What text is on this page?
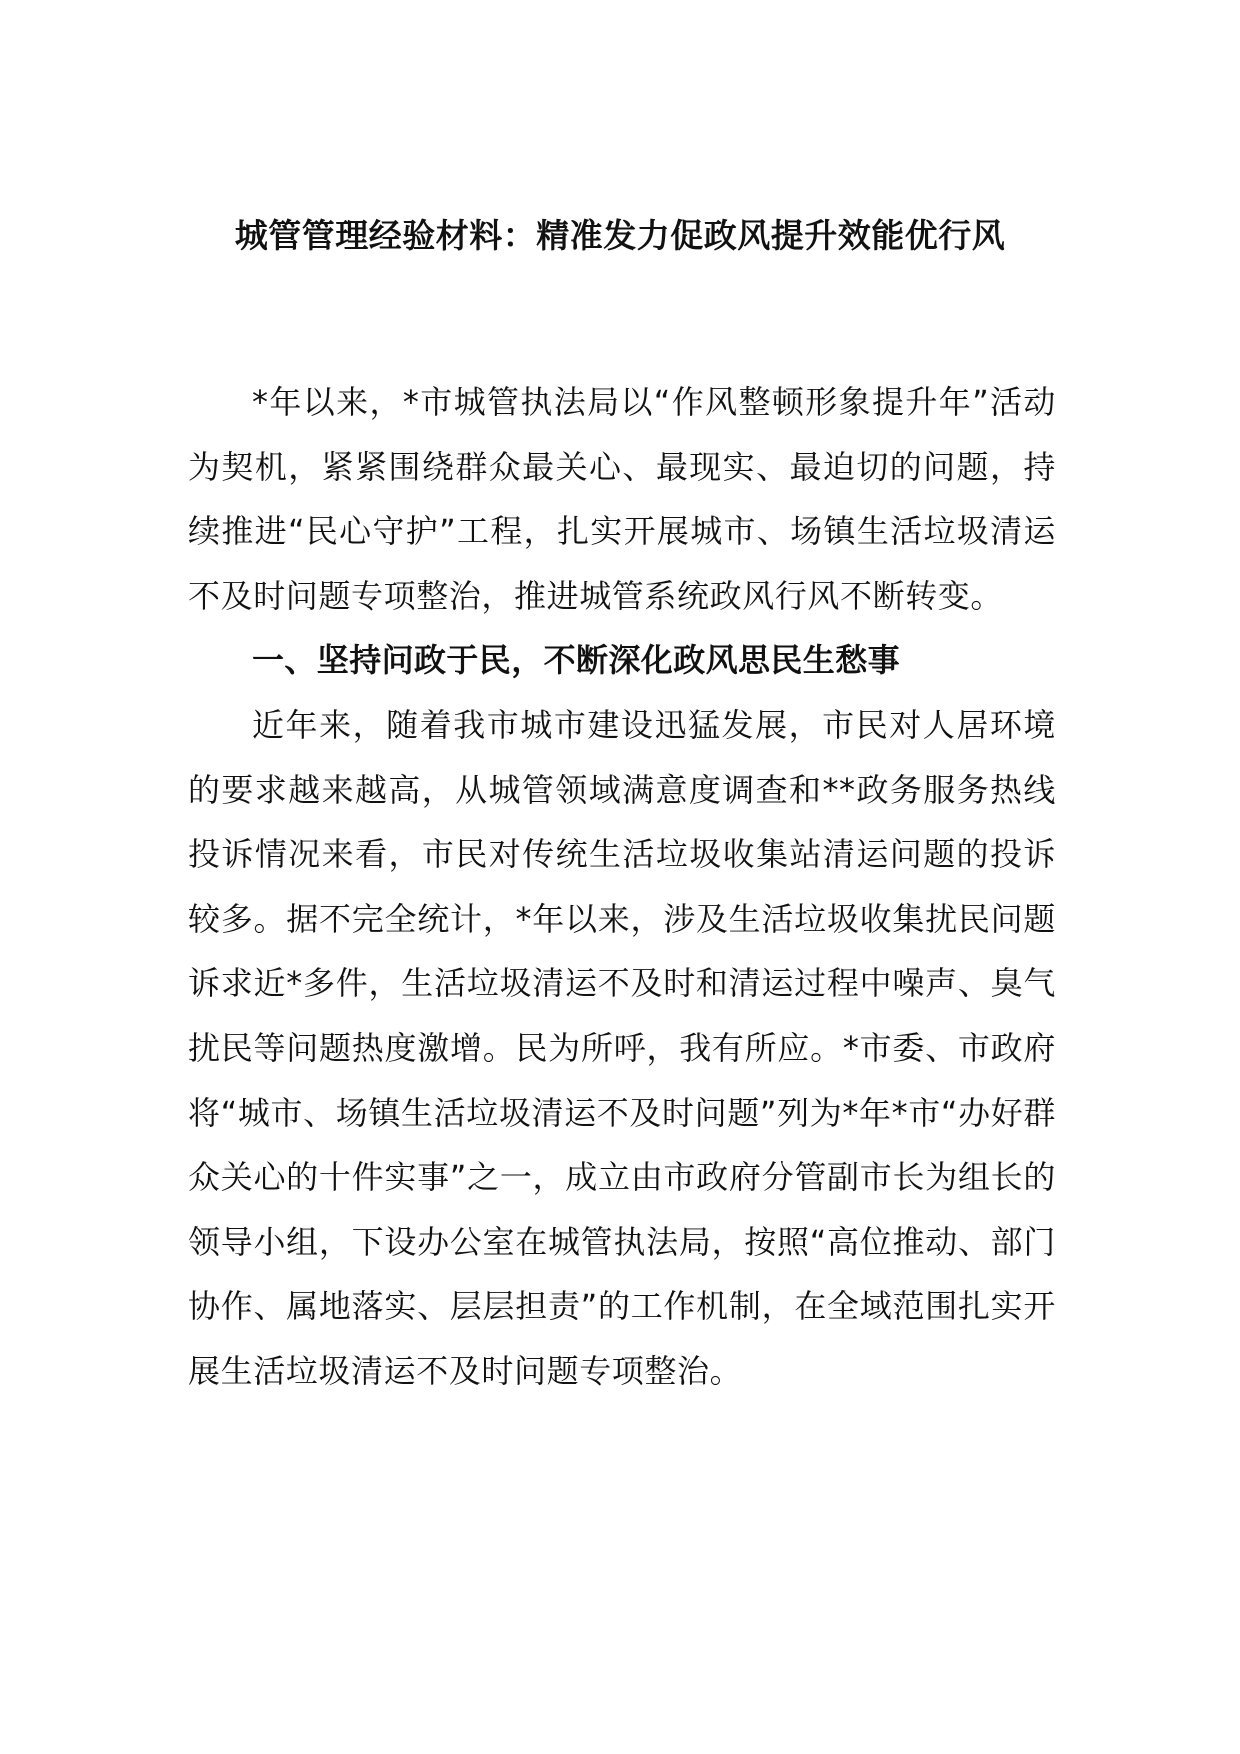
城管管理经验材料：精准发力促政风提升效能优行风

*年以来，*市城管执法局以“作风整顿形象提升年”活动为契机，紧紧围绕群众最关心、最现实、最迫切的问题，持续推进“民心守护”工程，扎实开展城市、场镇生活垃圾清运不及时问题专项整治，推进城管系统政风行风不断转变。

一、坚持问政于民，不断深化政风思民生愁事

近年来，随着我市城市建设迅猛发展，市民对人居环境的要求越来越高，从城管领域满意度调查和**政务服务热线投诉情况来看，市民对传统生活垃圾收集站清运问题的投诉较多。据不完全统计，*年以来，涉及生活垃圾收集扰民问题诉求近*多件，生活垃圾清运不及时和清运过程中噪声、臭气扰民等问题热度激增。民为所呼，我有所应。*市委、市政府将“城市、场镇生活垃圾清运不及时问题”列为*年*市“办好群众关心的十件实事”之一，成立由市政府分管副市长为组长的领导小组，下设办公室在城管执法局，按照“高位推动、部门协作、属地落实、层层担责”的工作机制，在全域范围扎实开展生活垃圾清运不及时问题专项整治。
